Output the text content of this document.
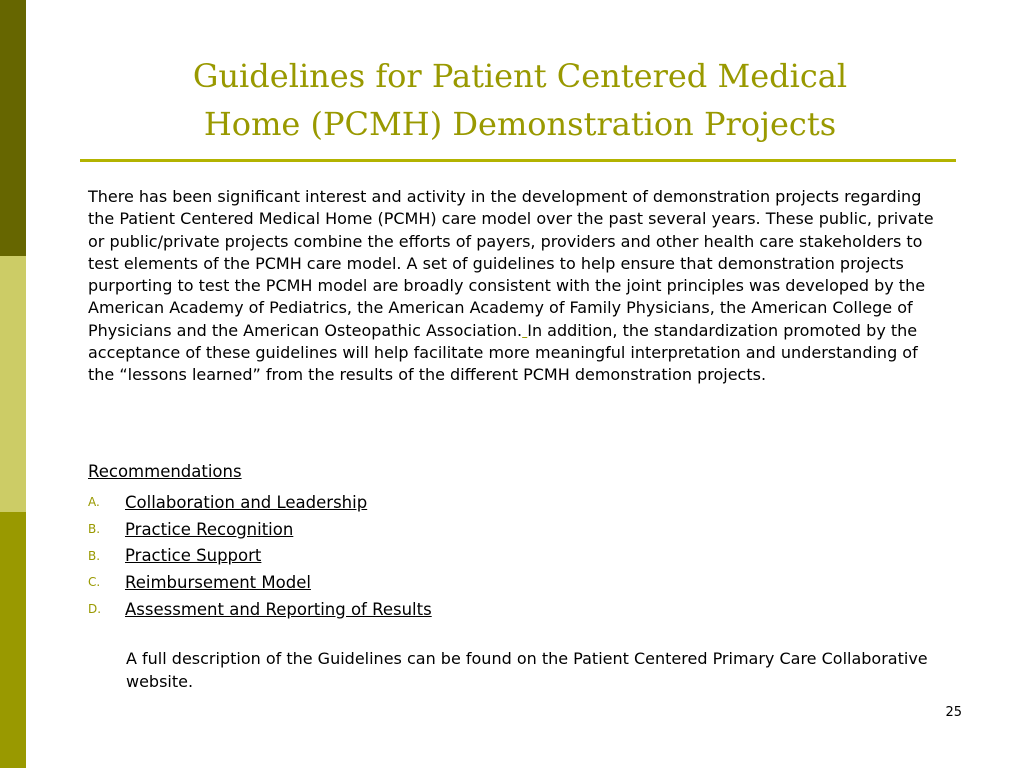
Guidelines for Patient Centered Medical
Home (PCMH) Demonstration Projects

There has been significant interest and activity in the development of demonstration projects regarding the Patient Centered Medical Home (PCMH) care model over the past several years. These public, private or public/private projects combine the efforts of payers, providers and other health care stakeholders to test elements of the PCMH care model. A set of guidelines to help ensure that demonstration projects purporting to test the PCMH model are broadly consistent with the joint principles was developed by the American Academy of Pediatrics, the American Academy of Family Physicians, the American College of Physicians and the American Osteopathic Association. In addition, the standardization promoted by the acceptance of these guidelines will help facilitate more meaningful interpretation and understanding of the “lessons learned” from the results of the different PCMH demonstration projects.

Recommendations
A.	Collaboration and Leadership
B.	Practice Recognition
B.	Practice Support
C.	Reimbursement Model
D.	Assessment and Reporting of Results

A full description of the Guidelines can be found on the Patient Centered Primary Care Collaborative website.

25
